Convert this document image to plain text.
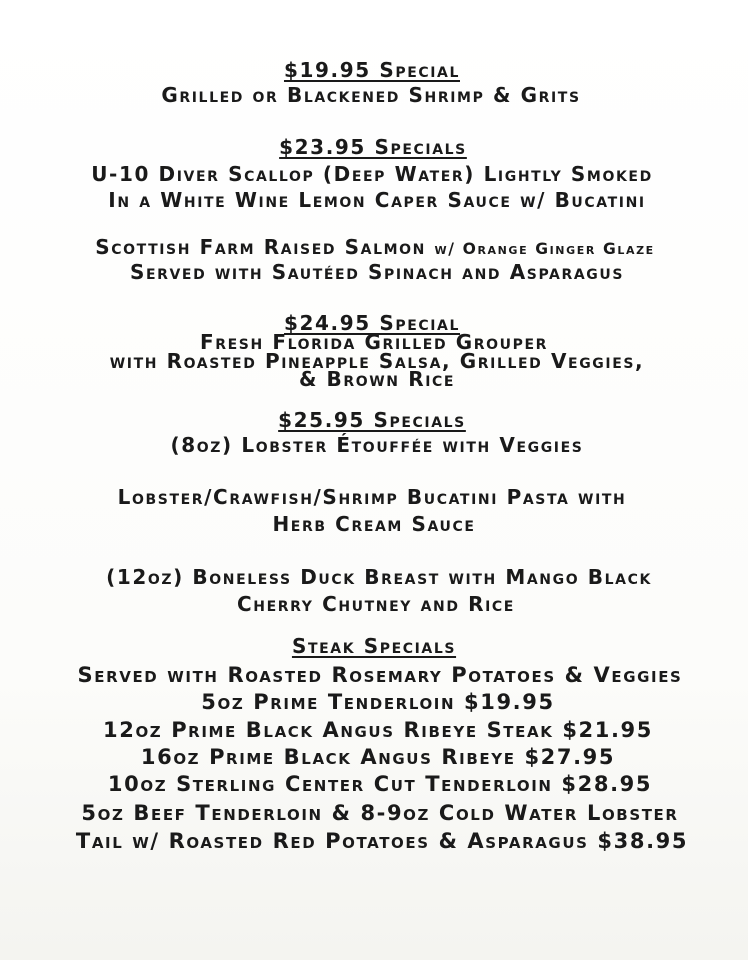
$19.95 Special
Grilled or Blackened Shrimp & Grits
$23.95 Specials
U-10 Diver Scallop (Deep Water) Lightly Smoked
In a White Wine Lemon Caper Sauce w/ Bucatini
Scottish Farm Raised Salmon w/ Orange Ginger Glaze
Served with Sautéed Spinach and Asparagus
$24.95 Special
Fresh Florida Grilled Grouper
with Roasted Pineapple Salsa, Grilled Veggies,
& Brown Rice
$25.95 Specials
(8oz) Lobster Étouffée with Veggies
Lobster/Crawfish/Shrimp Bucatini Pasta with
Herb Cream Sauce
(12oz) Boneless Duck Breast with Mango Black
Cherry Chutney and Rice
Steak Specials
Served with Roasted Rosemary Potatoes & Veggies
5oz Prime Tenderloin $19.95
12oz Prime Black Angus Ribeye Steak $21.95
16oz Prime Black Angus Ribeye $27.95
10oz Sterling Center Cut Tenderloin $28.95
5oz Beef Tenderloin & 8-9oz Cold Water Lobster
Tail w/ Roasted Red Potatoes & Asparagus $38.95
